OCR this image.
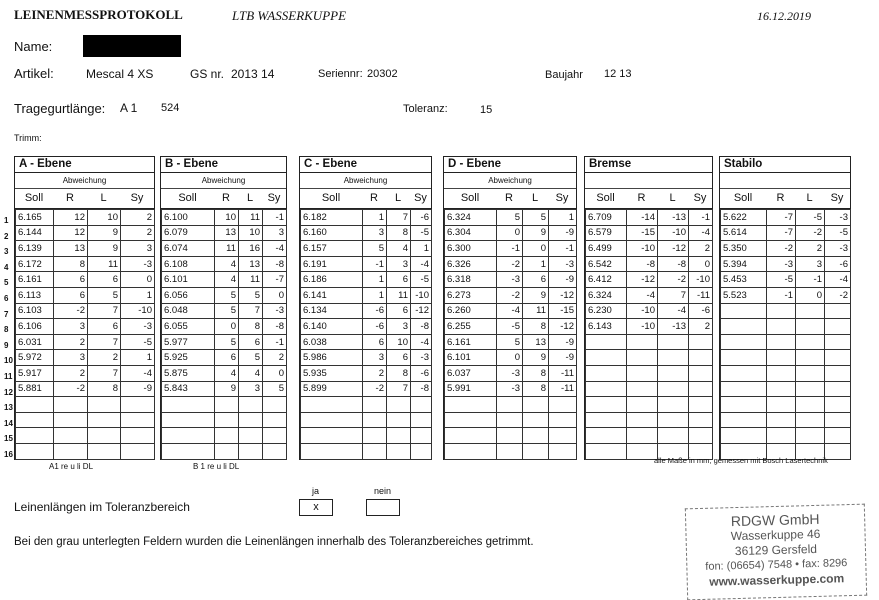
LEINENMESSPROTOKOLL	LTB WASSERKUPPE	16.12.2019
Name:
Artikel:	Mescal 4 XS	GS nr. 2013 14	Seriennr: 20302	Baujahr 12 13
Tragegurtlänge: A 1 524	Toleranz:	15
Trimm:
1
2
3
4
5
6
7
8
9
10
11
12
13
14
15
16
A - Ebene
Abweichung
Soll	R	L	Sy
6.165	12	10	2
6.144	12	9	2
6.139	13	9	3
6.172	8	11	-3
6.161	6	6	0
6.113	6	5	1
6.103	-2	7	-10
6.106	3	6	-3
6.031	2	7	-5
5.972	3	2	1
5.917	2	7	-4
5.881	-2	8	-9

B - Ebene
Abweichung
Soll	R	L	Sy
6.100	10	11	-1
6.079	13	10	3
6.074	11	16	-4
6.108	4	13	-8
6.101	4	11	-7
6.056	5	5	0
6.048	5	7	-3
6.055	0	8	-8
5.977	5	6	-1
5.925	6	5	2
5.875	4	4	0
5.843	9	3	5

C - Ebene
Abweichung
Soll	R	L	Sy
6.182	1	7	-6
6.160	3	8	-5
6.157	5	4	1
6.191	-1	3	-4
6.186	1	6	-5
6.141	1	11	-10
6.134	-6	6	-12
6.140	-6	3	-8
6.038	6	10	-4
5.986	3	6	-3
5.935	2	8	-6
5.899	-2	7	-8

D - Ebene
Abweichung
Soll	R	L	Sy
6.324	5	5	1
6.304	0	9	-9
6.300	-1	0	-1
6.326	-2	1	-3
6.318	-3	6	-9
6.273	-2	9	-12
6.260	-4	11	-15
6.255	-5	8	-12
6.161	5	13	-9
6.101	0	9	-9
6.037	-3	8	-11
5.991	-3	8	-11

Bremse
Soll	R	L	Sy
6.709	-14	-13	-1
6.579	-15	-10	-4
6.499	-10	-12	2
6.542	-8	-8	0
6.412	-12	-2	-10
6.324	-4	7	-11
6.230	-10	-4	-6
6.143	-10	-13	2

Stabilo
Soll	R	L	Sy
5.622	-7	-5	-3
5.614	-7	-2	-5
5.350	-2	2	-3
5.394	-3	3	-6
5.453	-5	-1	-4
5.523	-1	0	-2

A1 re u li DL	B 1 re u li DL
alle Maße in mm, gemessen mit Bosch Lasertechnik
Leinenlängen im Toleranzbereich
ja	nein
x
Bei den grau unterlegten Feldern wurden die Leinenlängen innerhalb des Toleranzbereiches getrimmt.
RDGW GmbH
Wasserkuppe 46
36129 Gersfeld
fon: (06654) 7548 • fax: 8296
www.wasserkuppe.com
